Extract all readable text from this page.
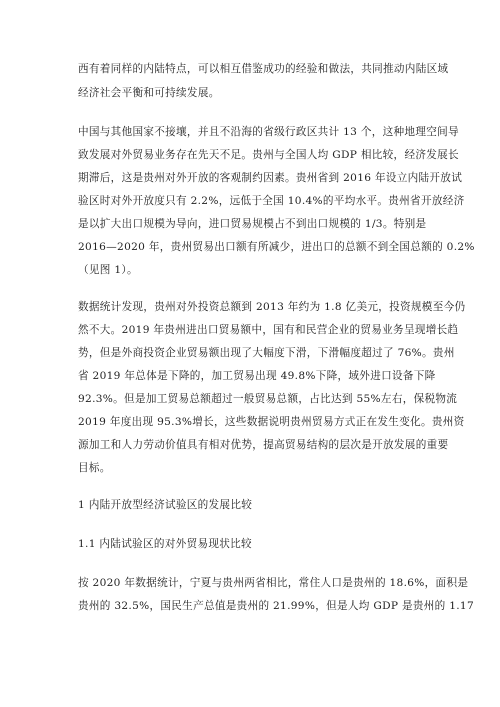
西有着同样的内陆特点，可以相互借鉴成功的经验和做法，共同推动内陆区域
经济社会平衡和可持续发展。
中国与其他国家不接壤，并且不沿海的省级行政区共计 13 个，这种地理空间导
致发展对外贸易业务存在先天不足。贵州与全国人均 GDP 相比较，经济发展长
期滞后，这是贵州对外开放的客观制约因素。贵州省到 2016 年设立内陆开放试
验区时对外开放度只有 2.2%，远低于全国 10.4%的平均水平。贵州省开放经济
是以扩大出口规模为导向，进口贸易规模占不到出口规模的 1/3。特别是
2016—2020 年，贵州贸易出口额有所减少，进出口的总额不到全国总额的 0.2%
（见图 1）。
数据统计发现，贵州对外投资总额到 2013 年约为 1.8 亿美元，投资规模至今仍
然不大。2019 年贵州进出口贸易额中，国有和民营企业的贸易业务呈现增长趋
势，但是外商投资企业贸易额出现了大幅度下滑，下滑幅度超过了 76%。贵州
省 2019 年总体是下降的，加工贸易出现 49.8%下降，域外进口设备下降
92.3%。但是加工贸易总额超过一般贸易总额，占比达到 55%左右，保税物流
2019 年度出现 95.3%增长，这些数据说明贵州贸易方式正在发生变化。贵州资
源加工和人力劳动价值具有相对优势，提高贸易结构的层次是开放发展的重要
目标。
1 内陆开放型经济试验区的发展比较
1.1 内陆试验区的对外贸易现状比较
按 2020 年数据统计，宁夏与贵州两省相比，常住人口是贵州的 18.6%，面积是
贵州的 32.5%，国民生产总值是贵州的 21.99%，但是人均 GDP 是贵州的 1.17
